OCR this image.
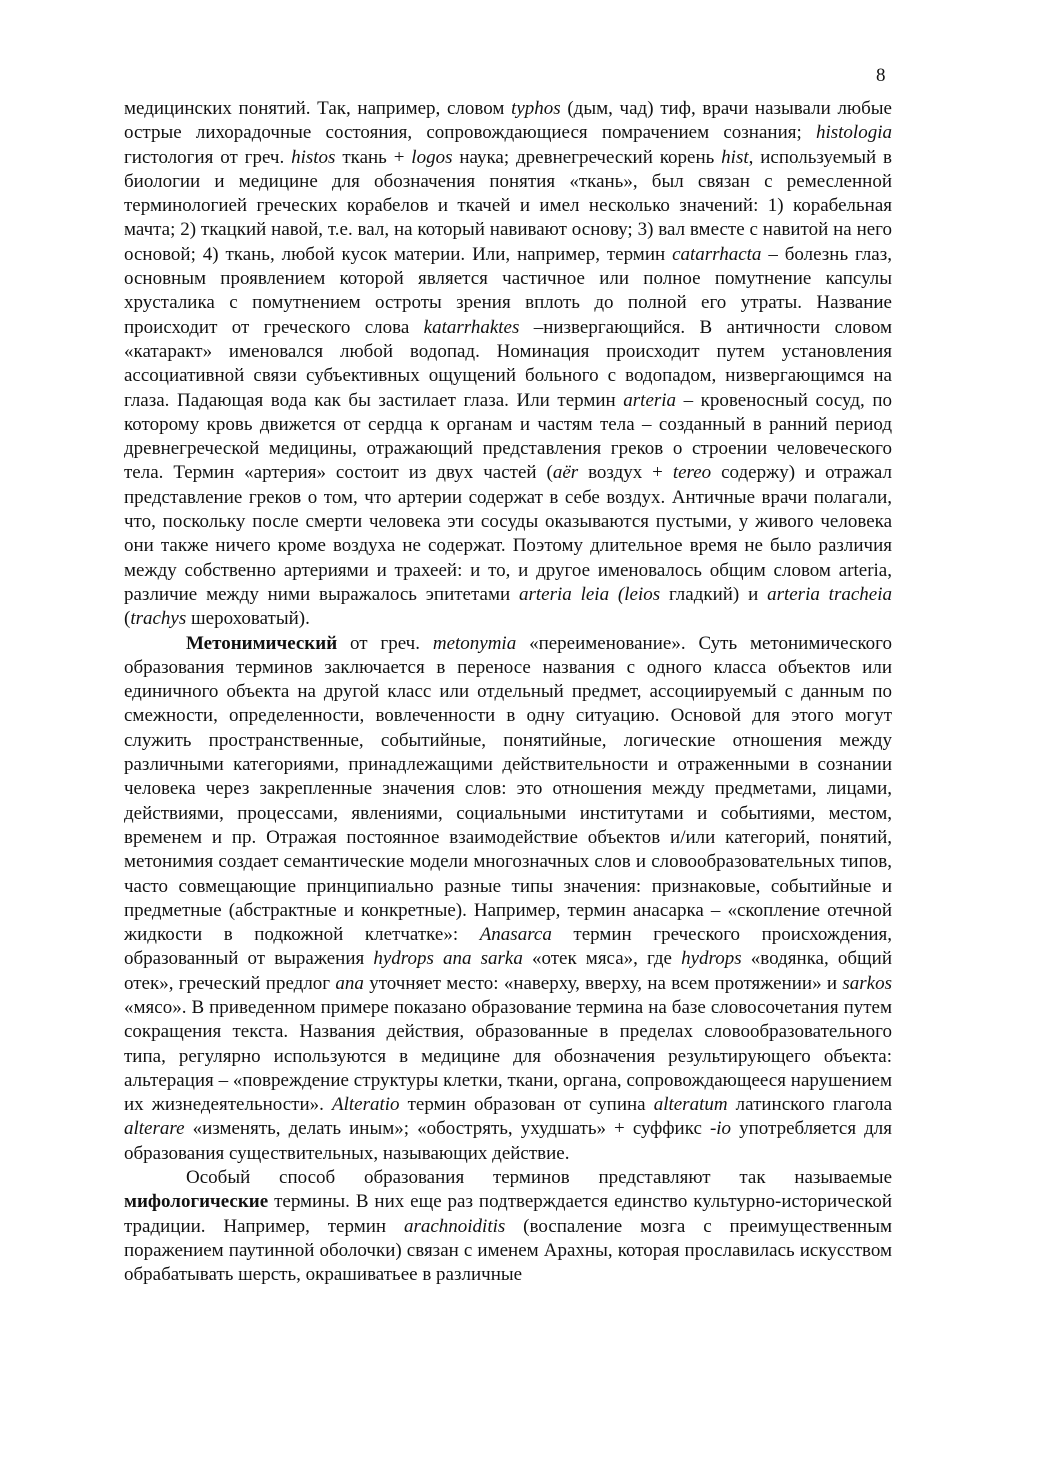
8

медицинских понятий. Так, например, словом typhos (дым, чад) тиф, врачи называли любые острые лихорадочные состояния, сопровождающиеся помрачением сознания; histologia гистология от греч. histos ткань + logos наука; древнегреческий корень hist, используемый в биологии и медицине для обозначения понятия «ткань», был связан с ремесленной терминологией греческих корабелов и ткачей и имел несколько значений: 1) корабельная мачта; 2) ткацкий навой, т.е. вал, на который навивают основу; 3) вал вместе с навитой на него основой; 4) ткань, любой кусок материи. Или, например, термин catarrhacta – болезнь глаз, основным проявлением которой является частичное или полное помутнение капсулы хрусталика с помутнением остроты зрения вплоть до полной его утраты. Название происходит от греческого слова katarrhaktes –низвергающийся. В античности словом «катаракт» именовался любой водопад. Номинация происходит путем установления ассоциативной связи субъективных ощущений больного с водопадом, низвергающимся на глаза. Падающая вода как бы застилает глаза. Или термин arteria – кровеносный сосуд, по которому кровь движется от сердца к органам и частям тела – созданный в ранний период древнегреческой медицины, отражающий представления греков о строении человеческого тела. Термин «артерия» состоит из двух частей (aёr воздух + tereo содержу) и отражал представление греков о том, что артерии содержат в себе воздух. Античные врачи полагали, что, поскольку после смерти человека эти сосуды оказываются пустыми, у живого человека они также ничего кроме воздуха не содержат. Поэтому длительное время не было различия между собственно артериями и трахеей: и то, и другое именовалось общим словом arteria, различие между ними выражалось эпитетами arteria leia (leios гладкий) и arteria tracheia (trachys шероховатый).

Метонимический от греч. metonymia «переименование». Суть метонимического образования терминов заключается в переносе названия с одного класса объектов или единичного объекта на другой класс или отдельный предмет, ассоциируемый с данным по смежности, определенности, вовлеченности в одну ситуацию. Основой для этого могут служить пространственные, событийные, понятийные, логические отношения между различными категориями, принадлежащими действительности и отраженными в сознании человека через закрепленные значения слов: это отношения между предметами, лицами, действиями, процессами, явлениями, социальными институтами и событиями, местом, временем и пр. Отражая постоянное взаимодействие объектов и/или категорий, понятий, метонимия создает семантические модели многозначных слов и словообразовательных типов, часто совмещающие принципиально разные типы значения: признаковые, событийные и предметные (абстрактные и конкретные). Например, термин анасарка – «скопление отечной жидкости в подкожной клетчатке»: Anasarca термин греческого происхождения, образованный от выражения hydrops ana sarka «отек мяса», где hydrops «водянка, общий отек», греческий предлог ana уточняет место: «наверху, вверху, на всем протяжении» и sarkos «мясо». В приведенном примере показано образование термина на базе словосочетания путем сокращения текста. Названия действия, образованные в пределах словообразовательного типа, регулярно используются в медицине для обозначения результирующего объекта: альтерация – «повреждение структуры клетки, ткани, органа, сопровождающееся нарушением их жизнедеятельности». Alteratio термин образован от супина alteratum латинского глагола alterare «изменять, делать иным»; «обострять, ухудшать» + суффикс -io употребляется для образования существительных, называющих действие.

Особый способ образования терминов представляют так называемые мифологические термины. В них еще раз подтверждается единство культурно-исторической традиции. Например, термин arachnoiditis (воспаление мозга с преимущественным поражением паутинной оболочки) связан с именем Арахны, которая прославилась искусством обрабатывать шерсть, окрашиватьее в различные
